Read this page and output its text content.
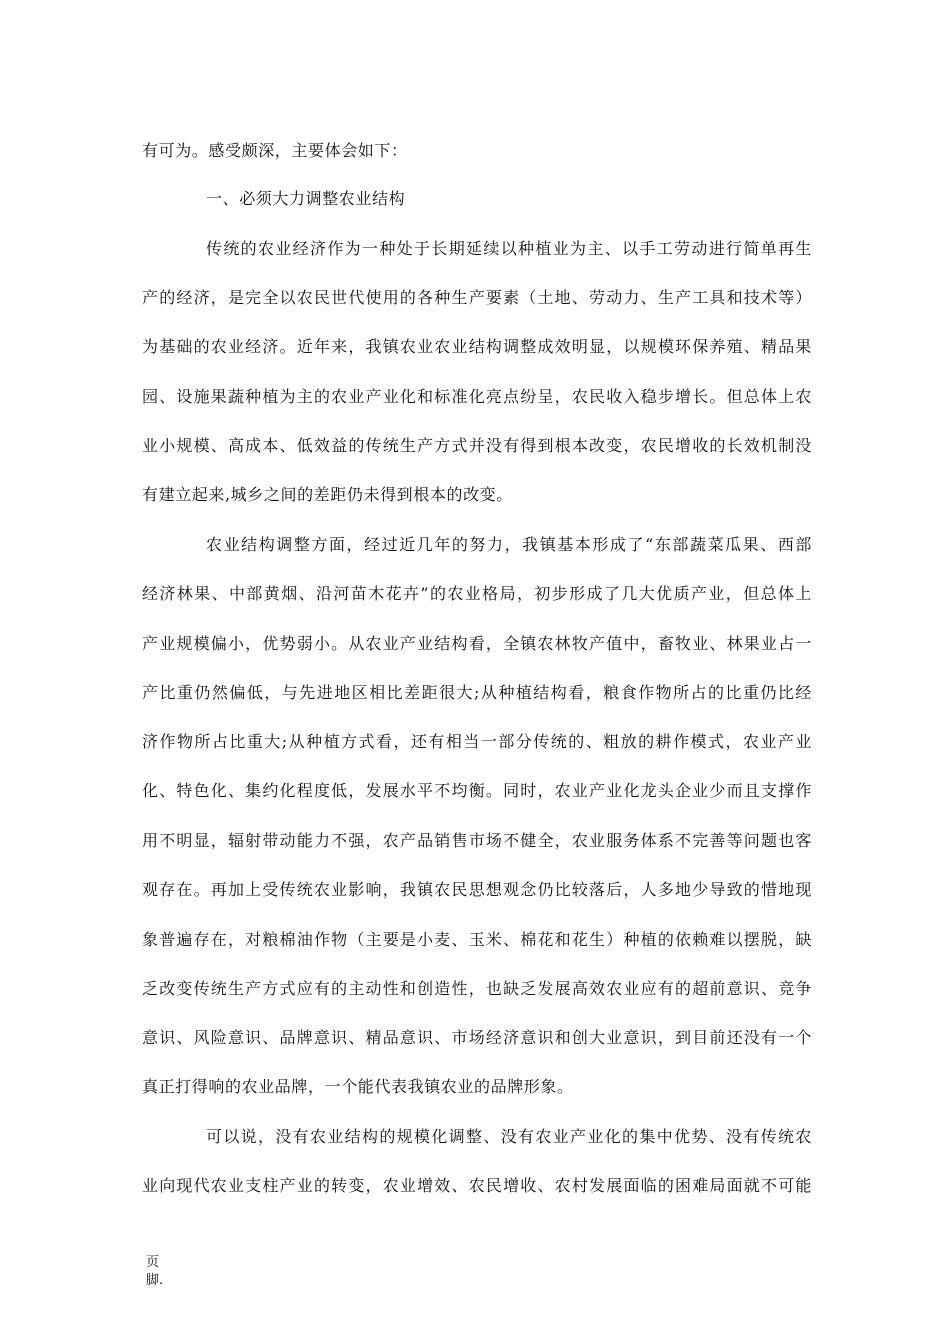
有可为。感受颇深，主要体会如下：
一、必须大力调整农业结构
传统的农业经济作为一种处于长期延续以种植业为主、以手工劳动进行简单再生
产的经济，是完全以农民世代使用的各种生产要素（土地、劳动力、生产工具和技术等）
为基础的农业经济。近年来，我镇农业农业结构调整成效明显，以规模环保养殖、精品果
园、设施果蔬种植为主的农业产业化和标准化亮点纷呈，农民收入稳步增长。但总体上农
业小规模、高成本、低效益的传统生产方式并没有得到根本改变，农民增收的长效机制没
有建立起来,城乡之间的差距仍未得到根本的改变。
农业结构调整方面，经过近几年的努力，我镇基本形成了“东部蔬菜瓜果、西部
经济林果、中部黄烟、沿河苗木花卉”的农业格局，初步形成了几大优质产业，但总体上
产业规模偏小，优势弱小。从农业产业结构看，全镇农林牧产值中，畜牧业、林果业占一
产比重仍然偏低，与先进地区相比差距很大;从种植结构看，粮食作物所占的比重仍比经
济作物所占比重大;从种植方式看，还有相当一部分传统的、粗放的耕作模式，农业产业
化、特色化、集约化程度低，发展水平不均衡。同时，农业产业化龙头企业少而且支撑作
用不明显，辐射带动能力不强，农产品销售市场不健全，农业服务体系不完善等问题也客
观存在。再加上受传统农业影响，我镇农民思想观念仍比较落后，人多地少导致的惜地现
象普遍存在，对粮棉油作物（主要是小麦、玉米、棉花和花生）种植的依赖难以摆脱，缺
乏改变传统生产方式应有的主动性和创造性，也缺乏发展高效农业应有的超前意识、竞争
意识、风险意识、品牌意识、精品意识、市场经济意识和创大业意识，到目前还没有一个
真正打得响的农业品牌，一个能代表我镇农业的品牌形象。
可以说，没有农业结构的规模化调整、没有农业产业化的集中优势、没有传统农
业向现代农业支柱产业的转变，农业增效、农民增收、农村发展面临的困难局面就不可能
页
脚.
